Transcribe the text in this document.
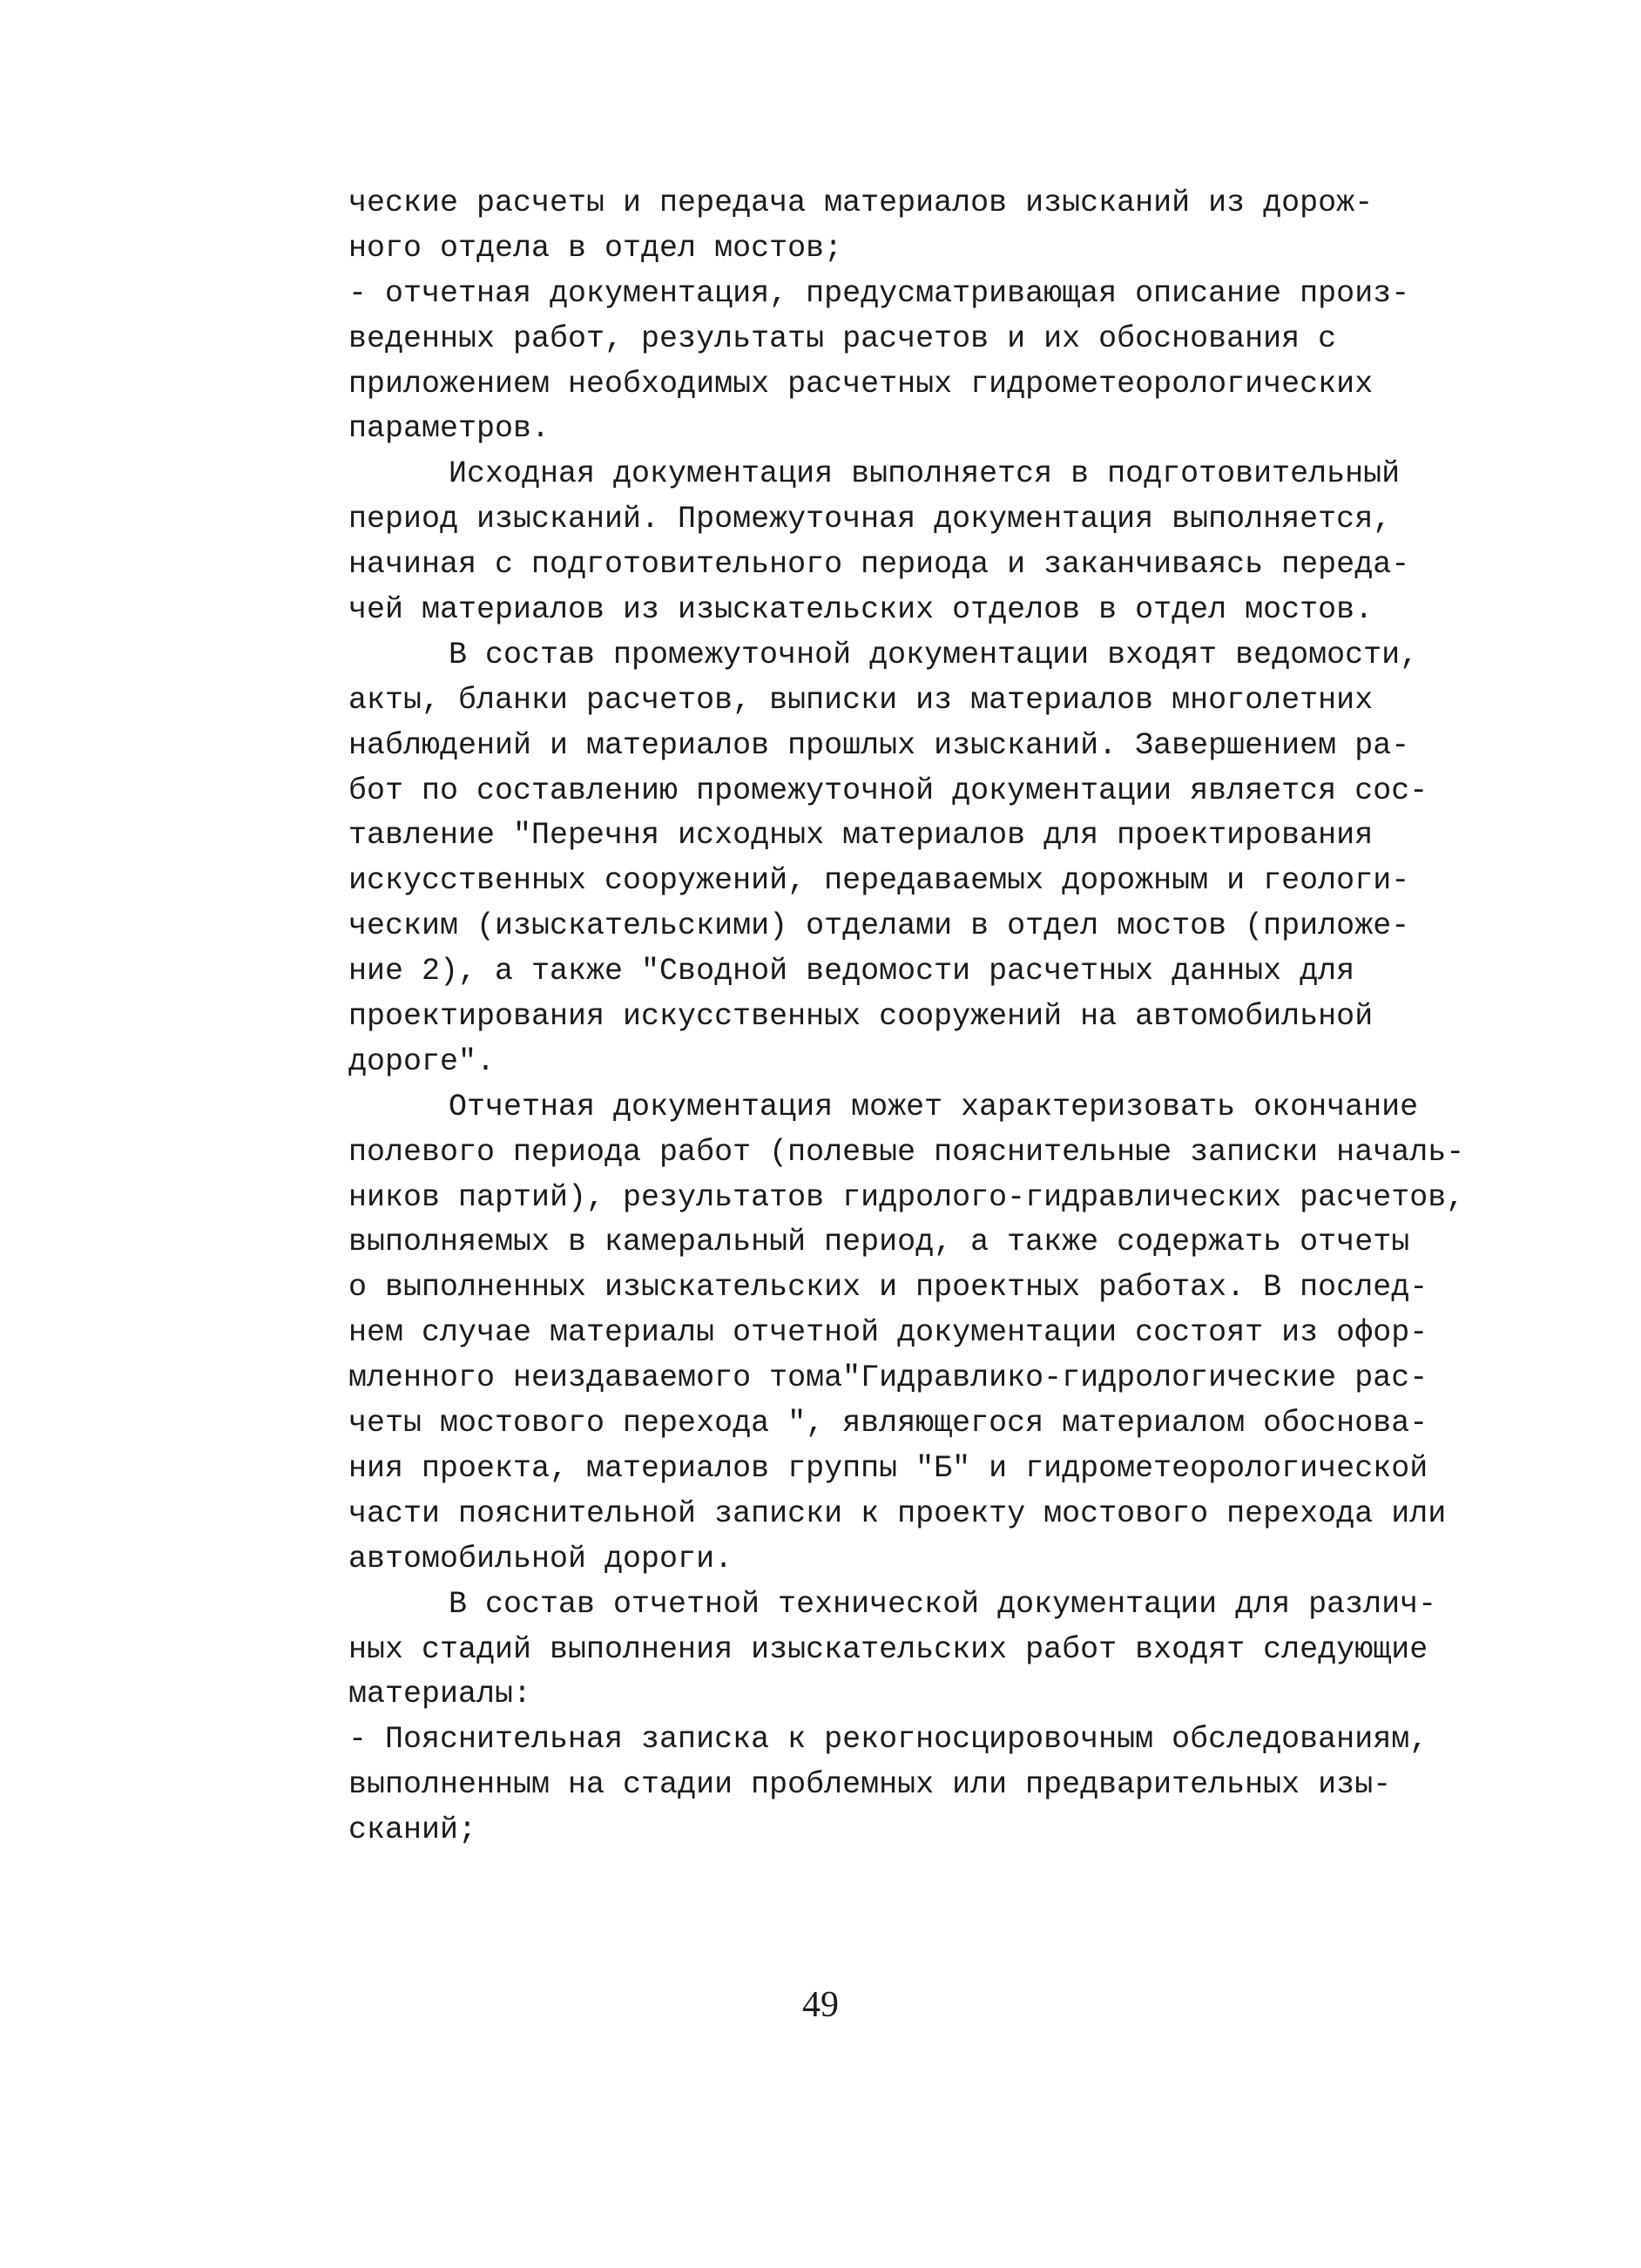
ческие расчеты и передача материалов изысканий из дорож-
ного отдела в отдел мостов;
- отчетная документация, предусматривающая описание произ-
веденных работ, результаты расчетов и их обоснования с
приложением необходимых расчетных гидрометеорологических
параметров.
Исходная документация выполняется в подготовительный
период изысканий. Промежуточная документация выполняется,
начиная с подготовительного периода и заканчиваясь переда-
чей материалов из изыскательских отделов в отдел мостов.
В состав промежуточной документации входят ведомости,
акты, бланки расчетов, выписки из материалов многолетних
наблюдений и материалов прошлых изысканий. Завершением ра-
бот по составлению промежуточной документации является сос-
тавление "Перечня исходных материалов для проектирования
искусственных сооружений, передаваемых дорожным и геологи-
ческим (изыскательскими) отделами в отдел мостов (приложе-
ние 2), а также "Сводной ведомости расчетных данных для
проектирования искусственных сооружений на автомобильной
дороге".
Отчетная документация может характеризовать окончание
полевого периода работ (полевые пояснительные записки началь-
ников партий), результатов гидролого-гидравлических расчетов,
выполняемых в камеральный период, а также содержать отчеты
о выполненных изыскательских и проектных работах. В послед-
нем случае материалы отчетной документации состоят из офор-
мленного неиздаваемого тома"Гидравлико-гидрологические рас-
четы мостового перехода ", являющегося материалом обоснова-
ния проекта, материалов группы "Б" и гидрометеорологической
части пояснительной записки к проекту мостового перехода или
автомобильной дороги.
В состав отчетной технической документации для различ-
ных стадий выполнения изыскательских работ входят следующие
материалы:
- Пояснительная записка к рекогносцировочным обследованиям,
выполненным на стадии проблемных или предварительных изы-
сканий;
49
